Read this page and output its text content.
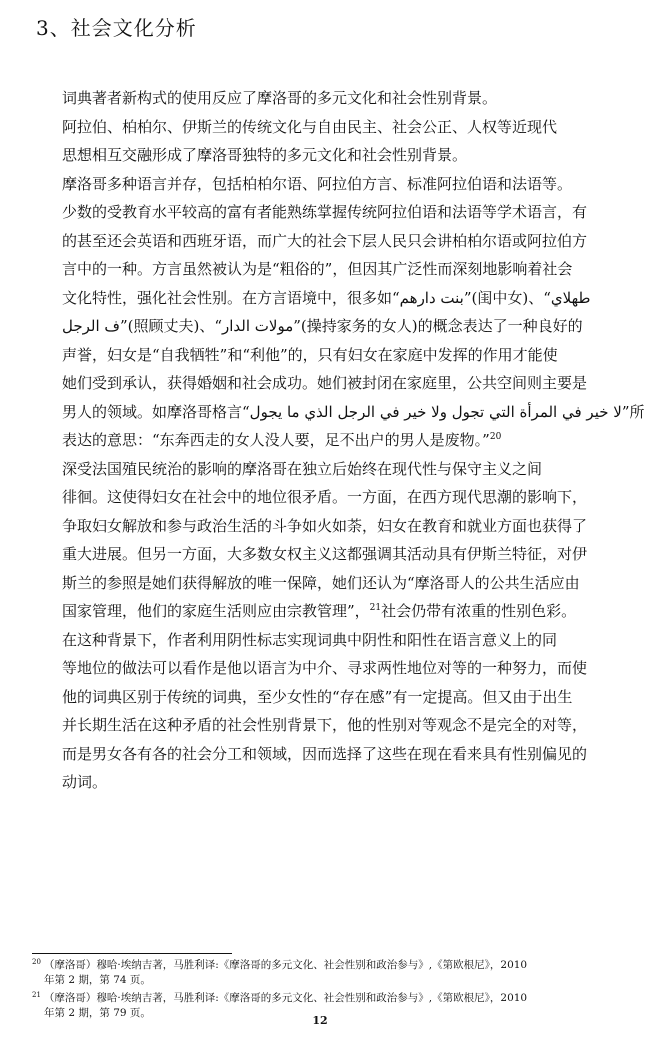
3、社会文化分析

词典著者新构式的使用反应了摩洛哥的多元文化和社会性别背景。

阿拉伯、柏柏尔、伊斯兰的传统文化与自由民主、社会公正、人权等近现代
思想相互交融形成了摩洛哥独特的多元文化和社会性别背景。

摩洛哥多种语言并存，包括柏柏尔语、阿拉伯方言、标准阿拉伯语和法语等。
少数的受教育水平较高的富有者能熟练掌握传统阿拉伯语和法语等学术语言，有
的甚至还会英语和西班牙语，而广大的社会下层人民只会讲柏柏尔语或阿拉伯方
言中的一种。方言虽然被认为是“粗俗的”，但因其广泛性而深刻地影响着社会
文化特性，强化社会性别。在方言语境中，很多如“بنت دارهم”(闺中女)、“طهلاي
ف الرجل”(照顾丈夫)、“مولات الدار”(操持家务的女人)的概念表达了一种良好的
声誉，妇女是“自我牺牲”和“利他”的，只有妇女在家庭中发挥的作用才能使
她们受到承认，获得婚姻和社会成功。她们被封闭在家庭里，公共空间则主要是
男人的领域。如摩洛哥格言“لا خير في المرأة التي تجول ولا خير في الرجل الذي ما يجول”所
表达的意思：“东奔西走的女人没人要，足不出户的男人是废物。”$^{20}$

深受法国殖民统治的影响的摩洛哥在独立后始终在现代性与保守主义之间
徘徊。这使得妇女在社会中的地位很矛盾。一方面，在西方现代思潮的影响下，
争取妇女解放和参与政治生活的斗争如火如荼，妇女在教育和就业方面也获得了
重大进展。但另一方面，大多数女权主义这都强调其活动具有伊斯兰特征，对伊
斯兰的参照是她们获得解放的唯一保障，她们还认为“摩洛哥人的公共生活应由
国家管理，他们的家庭生活则应由宗教管理”，$^{21}$社会仍带有浓重的性别色彩。

在这种背景下，作者利用阴性标志实现词典中阴性和阳性在语言意义上的同
等地位的做法可以看作是他以语言为中介、寻求两性地位对等的一种努力，而使
他的词典区别于传统的词典，至少女性的“存在感”有一定提高。但又由于出生
并长期生活在这种矛盾的社会性别背景下，他的性别对等观念不是完全的对等，
而是男女各有各的社会分工和领域，因而选择了这些在现在看来具有性别偏见的
动词。

$^{20}$ （摩洛哥）穆哈·埃纳吉著，马胜利译:《摩洛哥的多元文化、社会性别和政治参与》,《第欧根尼》，2010
年第 2 期，第 74 页。

$^{21}$ （摩洛哥）穆哈·埃纳吉著，马胜利译:《摩洛哥的多元文化、社会性别和政治参与》,《第欧根尼》，2010
年第 2 期，第 79 页。

12
